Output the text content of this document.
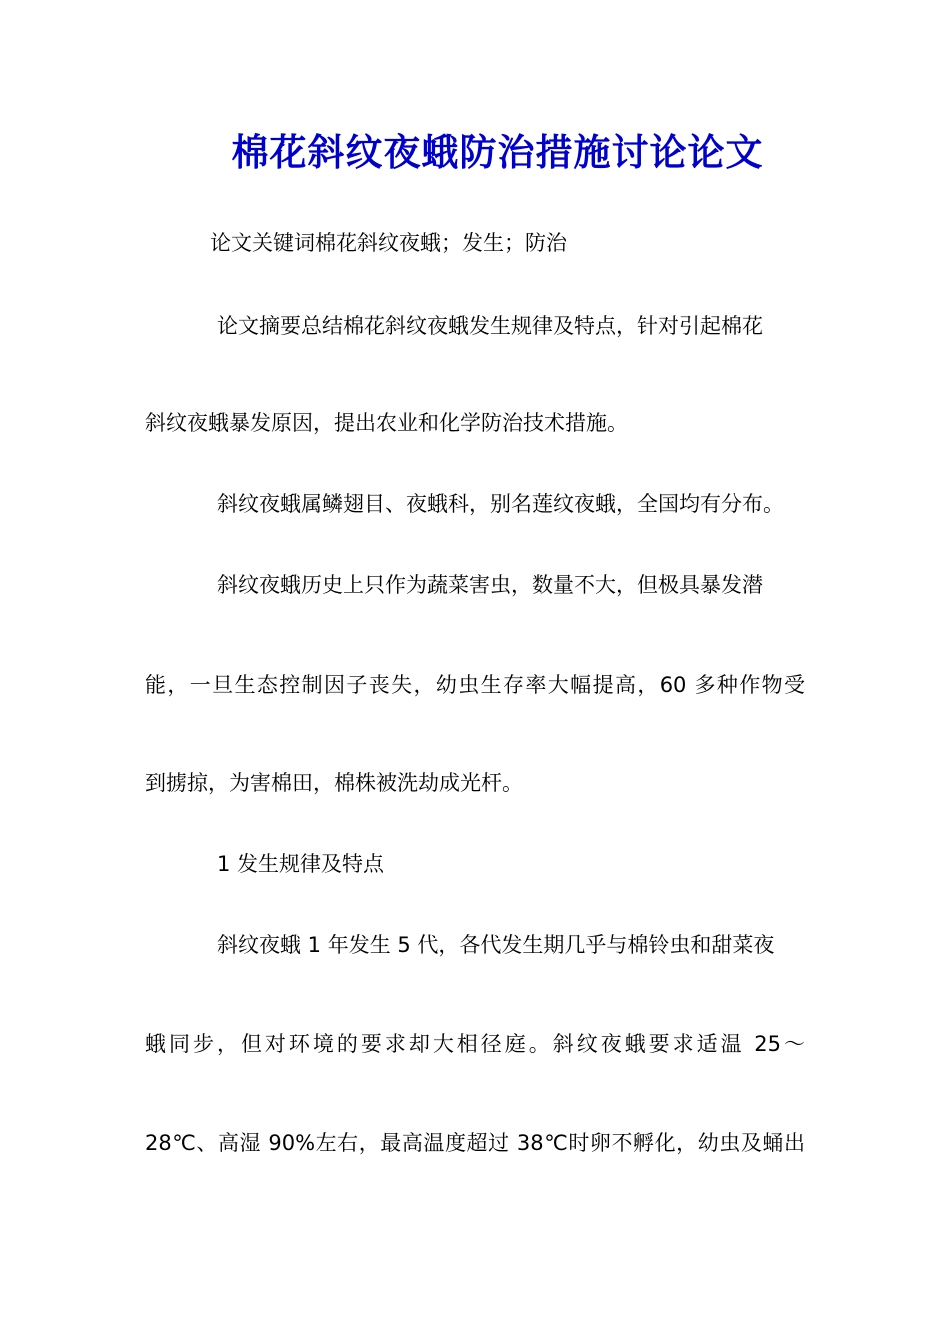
棉花斜纹夜蛾防治措施讨论论文
论文关键词棉花斜纹夜蛾；发生；防治
论文摘要总结棉花斜纹夜蛾发生规律及特点，针对引起棉花
斜纹夜蛾暴发原因，提出农业和化学防治技术措施。
斜纹夜蛾属鳞翅目、夜蛾科，别名莲纹夜蛾，全国均有分布。
斜纹夜蛾历史上只作为蔬菜害虫，数量不大，但极具暴发潜
能，一旦生态控制因子丧失，幼虫生存率大幅提高，60 多种作物受
到掳掠，为害棉田，棉株被洗劫成光杆。
1 发生规律及特点
斜纹夜蛾 1 年发生 5 代，各代发生期几乎与棉铃虫和甜菜夜
蛾同步，但对环境的要求却大相径庭。斜纹夜蛾要求适温 25～
28℃、高湿 90%左右，最高温度超过 38℃时卵不孵化，幼虫及蛹出
